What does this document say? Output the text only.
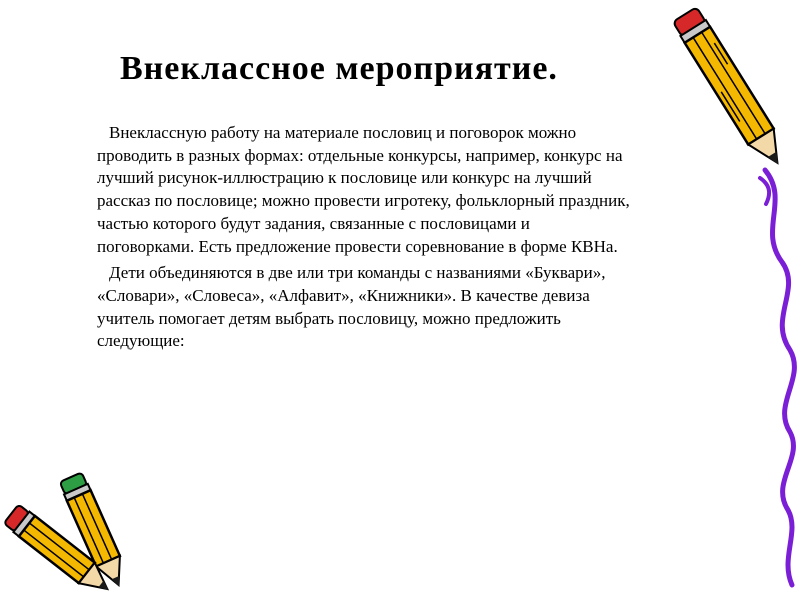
Внеклассное мероприятие.
Внеклассную работу на материале пословиц и поговорок можно
проводить в разных формах: отдельные конкурсы, например, конкурс на
лучший рисунок-иллюстрацию к пословице или конкурс на лучший
рассказ по пословице; можно провести игротеку, фольклорный праздник,
частью которого будут задания, связанные с пословицами и
поговорками. Есть предложение провести соревнование в форме КВНа.
Дети объединяются в две или три команды с названиями «Буквари»,
«Словари», «Словеса», «Алфавит», «Книжники». В качестве девиза
учитель помогает детям выбрать пословицу, можно предложить
следующие:
